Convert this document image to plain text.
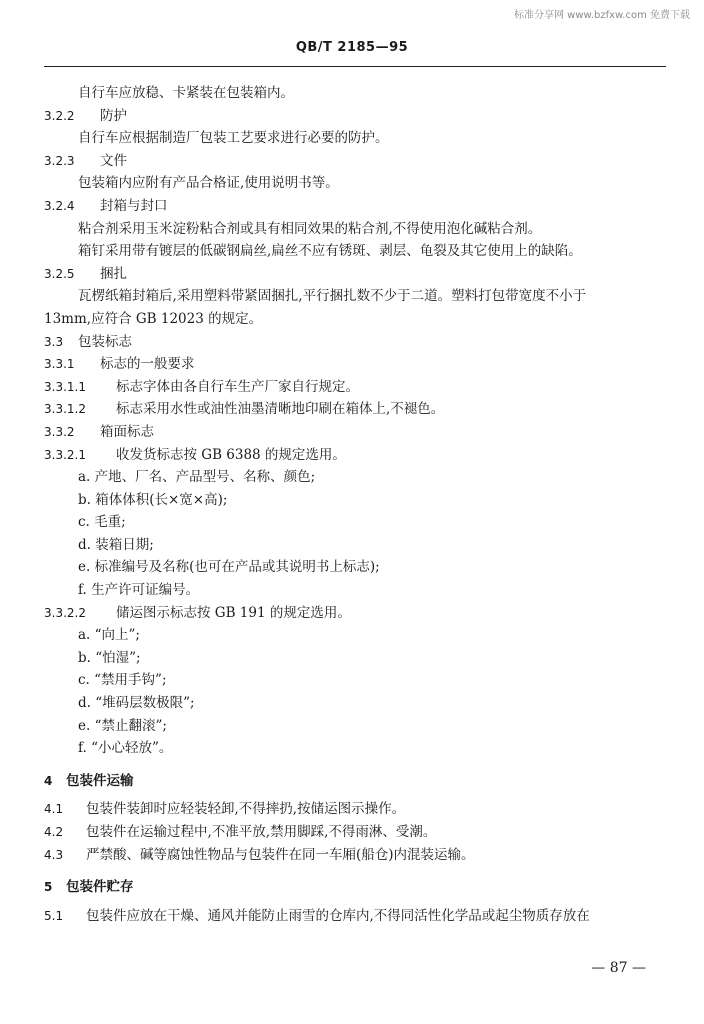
标准分享网 www.bzfxw.com 免费下载
QB/T 2185—95
自行车应放稳、卡紧装在包装箱内。
3.2.2 防护
自行车应根据制造厂包装工艺要求进行必要的防护。
3.2.3 文件
包装箱内应附有产品合格证,使用说明书等。
3.2.4 封箱与封口
粘合剂采用玉米淀粉粘合剂或具有相同效果的粘合剂,不得使用泡化碱粘合剂。
箱钉采用带有镀层的低碳钢扁丝,扁丝不应有锈斑、剥层、龟裂及其它使用上的缺陷。
3.2.5 捆扎
瓦楞纸箱封箱后,采用塑料带紧固捆扎,平行捆扎数不少于二道。塑料打包带宽度不小于
13mm,应符合 GB 12023 的规定。
3.3 包装标志
3.3.1 标志的一般要求
3.3.1.1 标志字体由各自行车生产厂家自行规定。
3.3.1.2 标志采用水性或油性油墨清晰地印刷在箱体上,不褪色。
3.3.2 箱面标志
3.3.2.1 收发货标志按 GB 6388 的规定选用。
a. 产地、厂名、产品型号、名称、颜色;
b. 箱体体积(长×宽×高);
c. 毛重;
d. 装箱日期;
e. 标准编号及名称(也可在产品或其说明书上标志);
f. 生产许可证编号。
3.3.2.2 储运图示标志按 GB 191 的规定选用。
a. “向上”;
b. “怕湿”;
c. “禁用手钩”;
d. “堆码层数极限”;
e. “禁止翻滚”;
f. “小心轻放”。
4 包装件运输
4.1 包装件装卸时应轻装轻卸,不得摔扔,按储运图示操作。
4.2 包装件在运输过程中,不准平放,禁用脚踩,不得雨淋、受潮。
4.3 严禁酸、碱等腐蚀性物品与包装件在同一车厢(船仓)内混装运输。
5 包装件贮存
5.1 包装件应放在干燥、通风并能防止雨雪的仓库内,不得同活性化学品或起尘物质存放在
— 87 —
